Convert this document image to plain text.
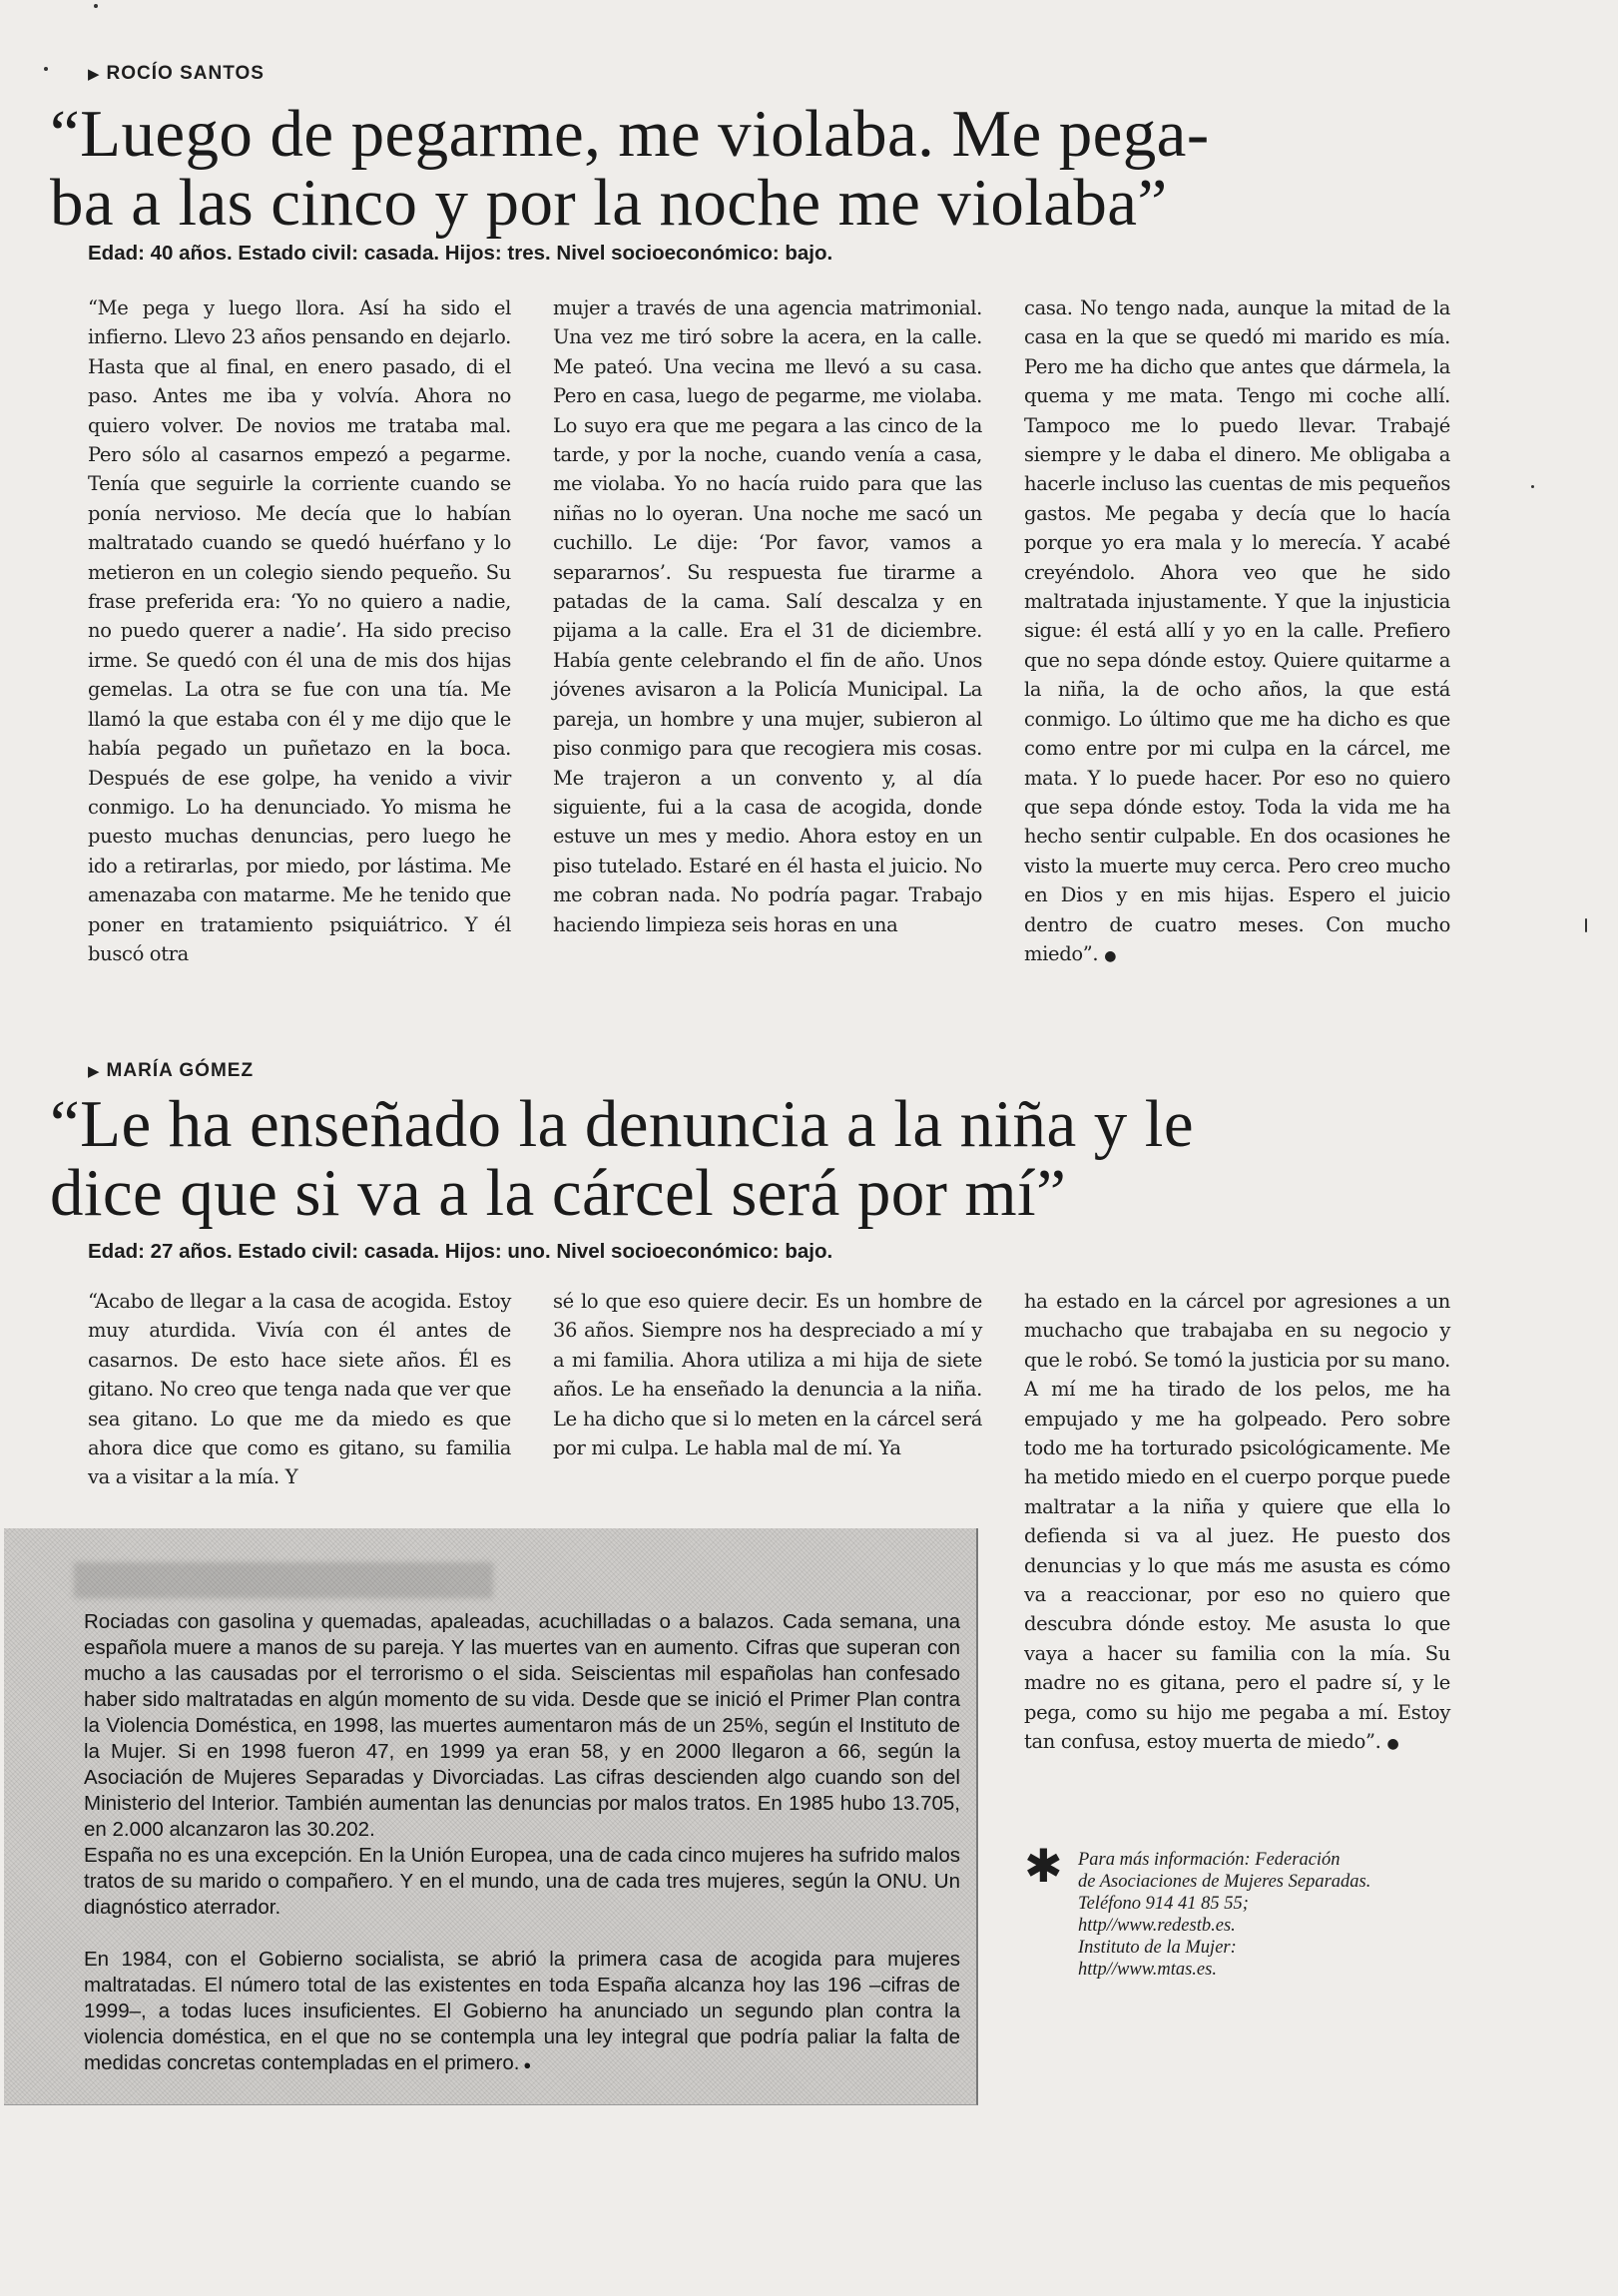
▶ ROCÍO SANTOS
“Luego de pegarme, me violaba. Me pega-
ba a las cinco y por la noche me violaba”
Edad: 40 años. Estado civil: casada. Hijos: tres. Nivel socioeconómico: bajo.

“Me pega y luego llora. Así ha sido el infierno. Llevo 23 años pensando en dejarlo. Hasta que al final, en enero pasado, di el paso. Antes me iba y volvía. Ahora no quiero volver. De novios me trataba mal. Pero sólo al casarnos empezó a pegarme. Tenía que seguirle la corriente cuando se ponía nervioso. Me decía que lo habían maltratado cuando se quedó huérfano y lo metieron en un colegio siendo pequeño. Su frase preferida era: ‘Yo no quiero a nadie, no puedo querer a nadie’. Ha sido preciso irme. Se quedó con él una de mis dos hijas gemelas. La otra se fue con una tía. Me llamó la que estaba con él y me dijo que le había pegado un puñetazo en la boca. Después de ese golpe, ha venido a vivir conmigo. Lo ha denunciado. Yo misma he puesto muchas denuncias, pero luego he ido a retirarlas, por miedo, por lástima. Me amenazaba con matarme. Me he tenido que poner en tratamiento psiquiátrico. Y él buscó otra

mujer a través de una agencia matrimonial. Una vez me tiró sobre la acera, en la calle. Me pateó. Una vecina me llevó a su casa. Pero en casa, luego de pegarme, me violaba. Lo suyo era que me pegara a las cinco de la tarde, y por la noche, cuando venía a casa, me violaba. Yo no hacía ruido para que las niñas no lo oyeran. Una noche me sacó un cuchillo. Le dije: ‘Por favor, vamos a separarnos’. Su respuesta fue tirarme a patadas de la cama. Salí descalza y en pijama a la calle. Era el 31 de diciembre. Había gente celebrando el fin de año. Unos jóvenes avisaron a la Policía Municipal. La pareja, un hombre y una mujer, subieron al piso conmigo para que recogiera mis cosas. Me trajeron a un convento y, al día siguiente, fui a la casa de acogida, donde estuve un mes y medio. Ahora estoy en un piso tutelado. Estaré en él hasta el juicio. No me cobran nada. No podría pagar. Trabajo haciendo limpieza seis horas en una

casa. No tengo nada, aunque la mitad de la casa en la que se quedó mi marido es mía. Pero me ha dicho que antes que dármela, la quema y me mata. Tengo mi coche allí. Tampoco me lo puedo llevar. Trabajé siempre y le daba el dinero. Me obligaba a hacerle incluso las cuentas de mis pequeños gastos. Me pegaba y decía que lo hacía porque yo era mala y lo merecía. Y acabé creyéndolo. Ahora veo que he sido maltratada injustamente. Y que la injusticia sigue: él está allí y yo en la calle. Prefiero que no sepa dónde estoy. Quiere quitarme a la niña, la de ocho años, la que está conmigo. Lo último que me ha dicho es que como entre por mi culpa en la cárcel, me mata. Y lo puede hacer. Por eso no quiero que sepa dónde estoy. Toda la vida me ha hecho sentir culpable. En dos ocasiones he visto la muerte muy cerca. Pero creo mucho en Dios y en mis hijas. Espero el juicio dentro de cuatro meses. Con mucho miedo”. ●

▶ MARÍA GÓMEZ
“Le ha enseñado la denuncia a la niña y le
dice que si va a la cárcel será por mí”
Edad: 27 años. Estado civil: casada. Hijos: uno. Nivel socioeconómico: bajo.

“Acabo de llegar a la casa de acogida. Estoy muy aturdida. Vivía con él antes de casarnos. De esto hace siete años. Él es gitano. No creo que tenga nada que ver que sea gitano. Lo que me da miedo es que ahora dice que como es gitano, su familia va a visitar a la mía. Y

sé lo que eso quiere decir. Es un hombre de 36 años. Siempre nos ha despreciado a mí y a mi familia. Ahora utiliza a mi hija de siete años. Le ha enseñado la denuncia a la niña. Le ha dicho que si lo meten en la cárcel será por mi culpa. Le habla mal de mí. Ya

ha estado en la cárcel por agresiones a un muchacho que trabajaba en su negocio y que le robó. Se tomó la justicia por su mano. A mí me ha tirado de los pelos, me ha empujado y me ha golpeado. Pero sobre todo me ha torturado psicológicamente. Me ha metido miedo en el cuerpo porque puede maltratar a la niña y quiere que ella lo defienda si va al juez. He puesto dos denuncias y lo que más me asusta es cómo va a reaccionar, por eso no quiero que descubra dónde estoy. Me asusta lo que vaya a hacer su familia con la mía. Su madre no es gitana, pero el padre sí, y le pega, como su hijo me pegaba a mí. Estoy tan confusa, estoy muerta de miedo”. ●

Rociadas con gasolina y quemadas, apaleadas, acuchilladas o a balazos. Cada semana, una española muere a manos de su pareja. Y las muertes van en aumento. Cifras que superan con mucho a las causadas por el terrorismo o el sida. Seiscientas mil españolas han confesado haber sido maltratadas en algún momento de su vida. Desde que se inició el Primer Plan contra la Violencia Doméstica, en 1998, las muertes aumentaron más de un 25%, según el Instituto de la Mujer. Si en 1998 fueron 47, en 1999 ya eran 58, y en 2000 llegaron a 66, según la Asociación de Mujeres Separadas y Divorciadas. Las cifras descienden algo cuando son del Ministerio del Interior. También aumentan las denuncias por malos tratos. En 1985 hubo 13.705, en 2.000 alcanzaron las 30.202.

España no es una excepción. En la Unión Europea, una de cada cinco mujeres ha sufrido malos tratos de su marido o compañero. Y en el mundo, una de cada tres mujeres, según la ONU. Un diagnóstico aterrador.

En 1984, con el Gobierno socialista, se abrió la primera casa de acogida para mujeres maltratadas. El número total de las existentes en toda España alcanza hoy las 196 –cifras de 1999–, a todas luces insuficientes. El Gobierno ha anunciado un segundo plan contra la violencia doméstica, en el que no se contempla una ley integral que podría paliar la falta de medidas concretas contempladas en el primero. ●

✱ Para más información: Federación
de Asociaciones de Mujeres Separadas.
Teléfono 914 41 85 55;
http//www.redestb.es.
Instituto de la Mujer:
http//www.mtas.es.
